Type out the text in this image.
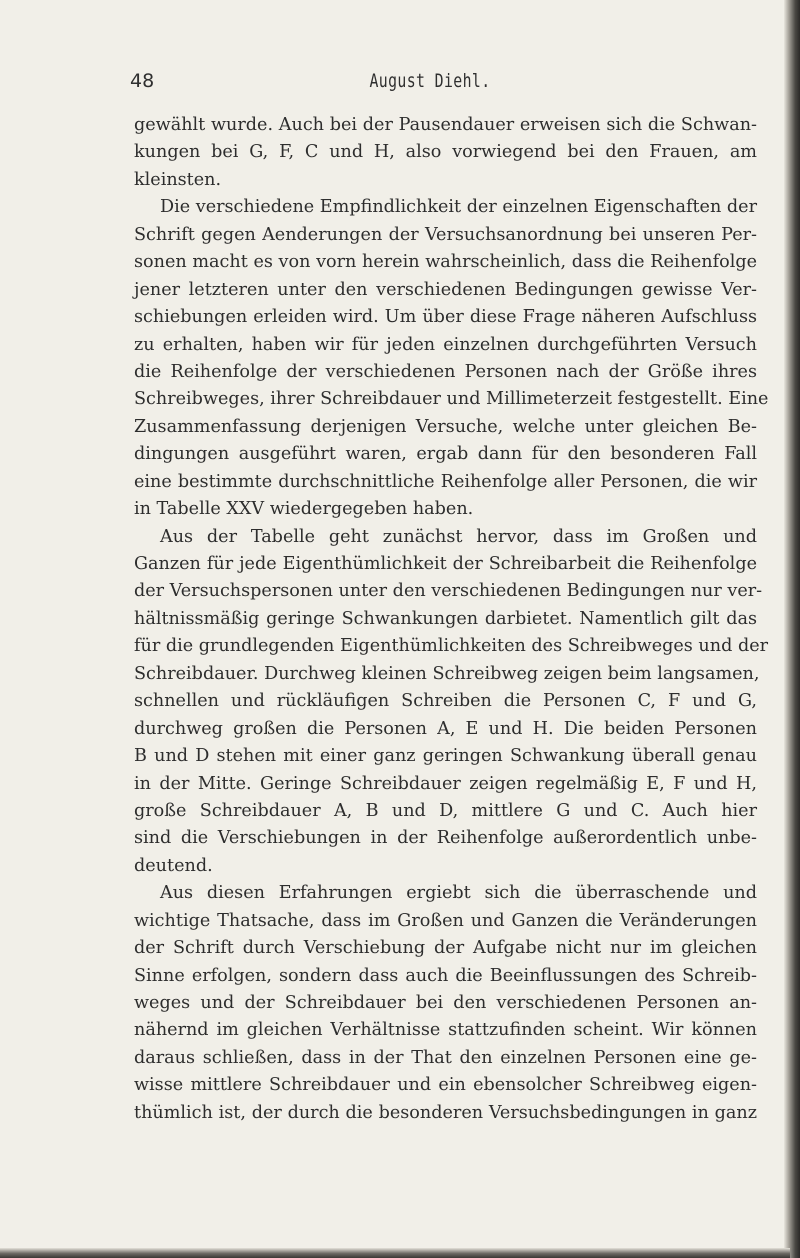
48	August Diehl.
gewählt wurde. Auch bei der Pausendauer erweisen sich die Schwan-
kungen bei G, F, C und H, also vorwiegend bei den Frauen, am
kleinsten.
Die verschiedene Empfindlichkeit der einzelnen Eigenschaften der
Schrift gegen Aenderungen der Versuchsanordnung bei unseren Per-
sonen macht es von vorn herein wahrscheinlich, dass die Reihenfolge
jener letzteren unter den verschiedenen Bedingungen gewisse Ver-
schiebungen erleiden wird. Um über diese Frage näheren Aufschluss
zu erhalten, haben wir für jeden einzelnen durchgeführten Versuch
die Reihenfolge der verschiedenen Personen nach der Größe ihres
Schreibweges, ihrer Schreibdauer und Millimeterzeit festgestellt. Eine
Zusammenfassung derjenigen Versuche, welche unter gleichen Be-
dingungen ausgeführt waren, ergab dann für den besonderen Fall
eine bestimmte durchschnittliche Reihenfolge aller Personen, die wir
in Tabelle XXV wiedergegeben haben.
Aus der Tabelle geht zunächst hervor, dass im Großen und
Ganzen für jede Eigenthümlichkeit der Schreibarbeit die Reihenfolge
der Versuchspersonen unter den verschiedenen Bedingungen nur ver-
hältnissmäßig geringe Schwankungen darbietet. Namentlich gilt das
für die grundlegenden Eigenthümlichkeiten des Schreibweges und der
Schreibdauer. Durchweg kleinen Schreibweg zeigen beim langsamen,
schnellen und rückläufigen Schreiben die Personen C, F und G,
durchweg großen die Personen A, E und H. Die beiden Personen
B und D stehen mit einer ganz geringen Schwankung überall genau
in der Mitte. Geringe Schreibdauer zeigen regelmäßig E, F und H,
große Schreibdauer A, B und D, mittlere G und C. Auch hier
sind die Verschiebungen in der Reihenfolge außerordentlich unbe-
deutend.
Aus diesen Erfahrungen ergiebt sich die überraschende und
wichtige Thatsache, dass im Großen und Ganzen die Veränderungen
der Schrift durch Verschiebung der Aufgabe nicht nur im gleichen
Sinne erfolgen, sondern dass auch die Beeinflussungen des Schreib-
weges und der Schreibdauer bei den verschiedenen Personen an-
nähernd im gleichen Verhältnisse stattzufinden scheint. Wir können
daraus schließen, dass in der That den einzelnen Personen eine ge-
wisse mittlere Schreibdauer und ein ebensolcher Schreibweg eigen-
thümlich ist, der durch die besonderen Versuchsbedingungen in ganz
